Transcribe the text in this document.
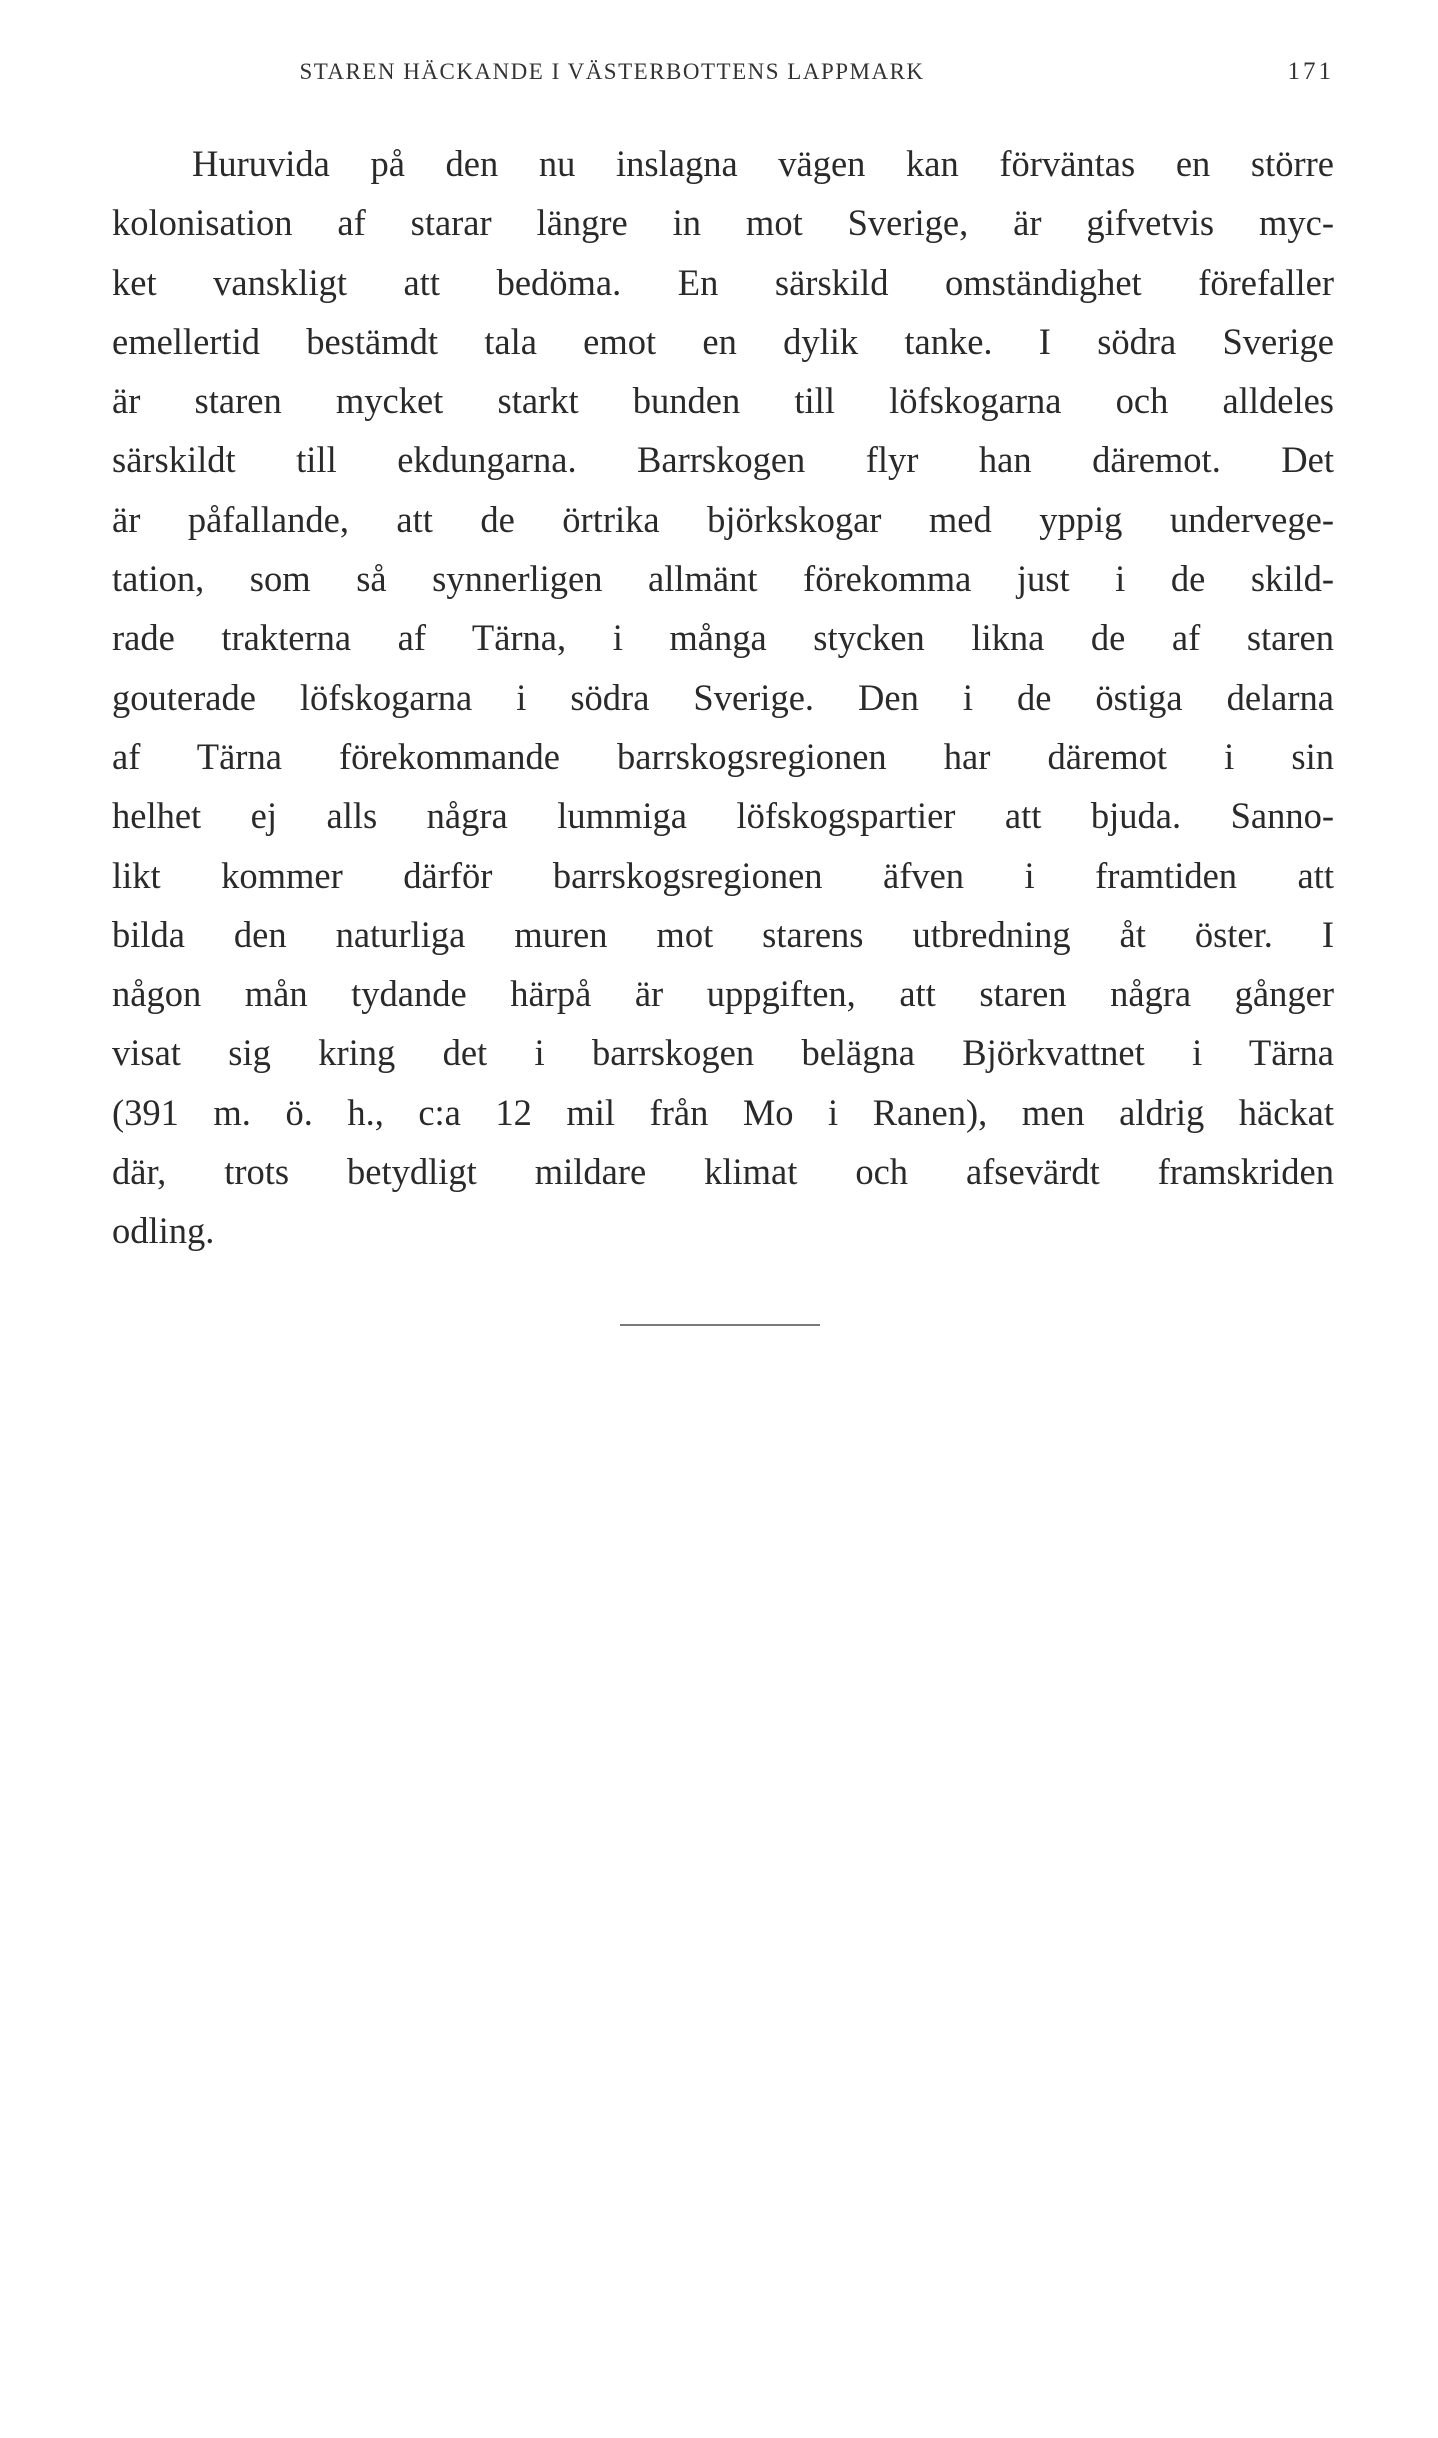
STAREN HÄCKANDE I VÄSTERBOTTENS LAPPMARK	171

Huruvida på den nu inslagna vägen kan förväntas en större
kolonisation af starar längre in mot Sverige, är gifvetvis myc-
ket vanskligt att bedöma. En särskild omständighet förefaller
emellertid bestämdt tala emot en dylik tanke. I södra Sverige
är staren mycket starkt bunden till löfskogarna och alldeles
särskildt till ekdungarna. Barrskogen flyr han däremot. Det
är påfallande, att de örtrika björkskogar med yppig undervege-
tation, som så synnerligen allmänt förekomma just i de skild-
rade trakterna af Tärna, i många stycken likna de af staren
gouterade löfskogarna i södra Sverige. Den i de östiga delarna
af Tärna förekommande barrskogsregionen har däremot i sin
helhet ej alls några lummiga löfskogspartier att bjuda. Sanno-
likt kommer därför barrskogsregionen äfven i framtiden att
bilda den naturliga muren mot starens utbredning åt öster. I
någon mån tydande härpå är uppgiften, att staren några gånger
visat sig kring det i barrskogen belägna Björkvattnet i Tärna
(391 m. ö. h., c:a 12 mil från Mo i Ranen), men aldrig häckat
där, trots betydligt mildare klimat och afsevärdt framskriden
odling.
